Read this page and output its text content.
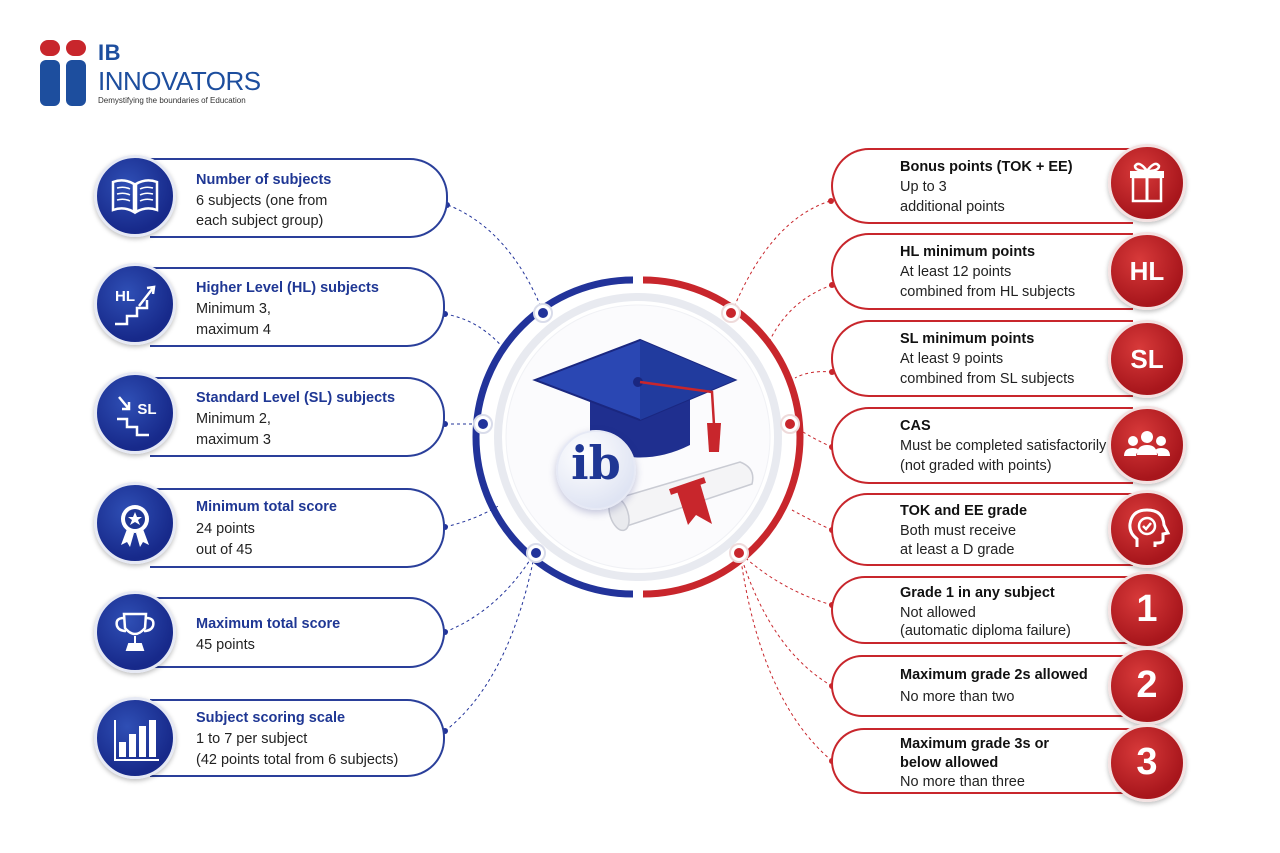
ib
IB
INNOVATORS
Demystifying the boundaries of Education
Number of subjects
6 subjects (one from
each subject group)
Higher Level (HL) subjects
Minimum 3,
maximum 4
HL
Standard Level (SL) subjects
Minimum 2,
maximum 3
SL
Minimum total score
24 points
out of 45
Maximum total score
45 points
Subject scoring scale
1 to 7 per subject
(42 points total from 6 subjects)
Bonus points (TOK + EE)
Up to 3
additional points
HL minimum points
At least 12 points
combined from HL subjects
HL
SL minimum points
At least 9 points
combined from SL subjects
SL
CAS
Must be completed satisfactorily
(not graded with points)
TOK and EE grade
Both must receive
at least a D grade
Grade 1 in any subject
Not allowed
(automatic diploma failure)
1
Maximum grade 2s allowed
No more than two	2
Maximum grade 3s or
below allowed
No more than three	3
